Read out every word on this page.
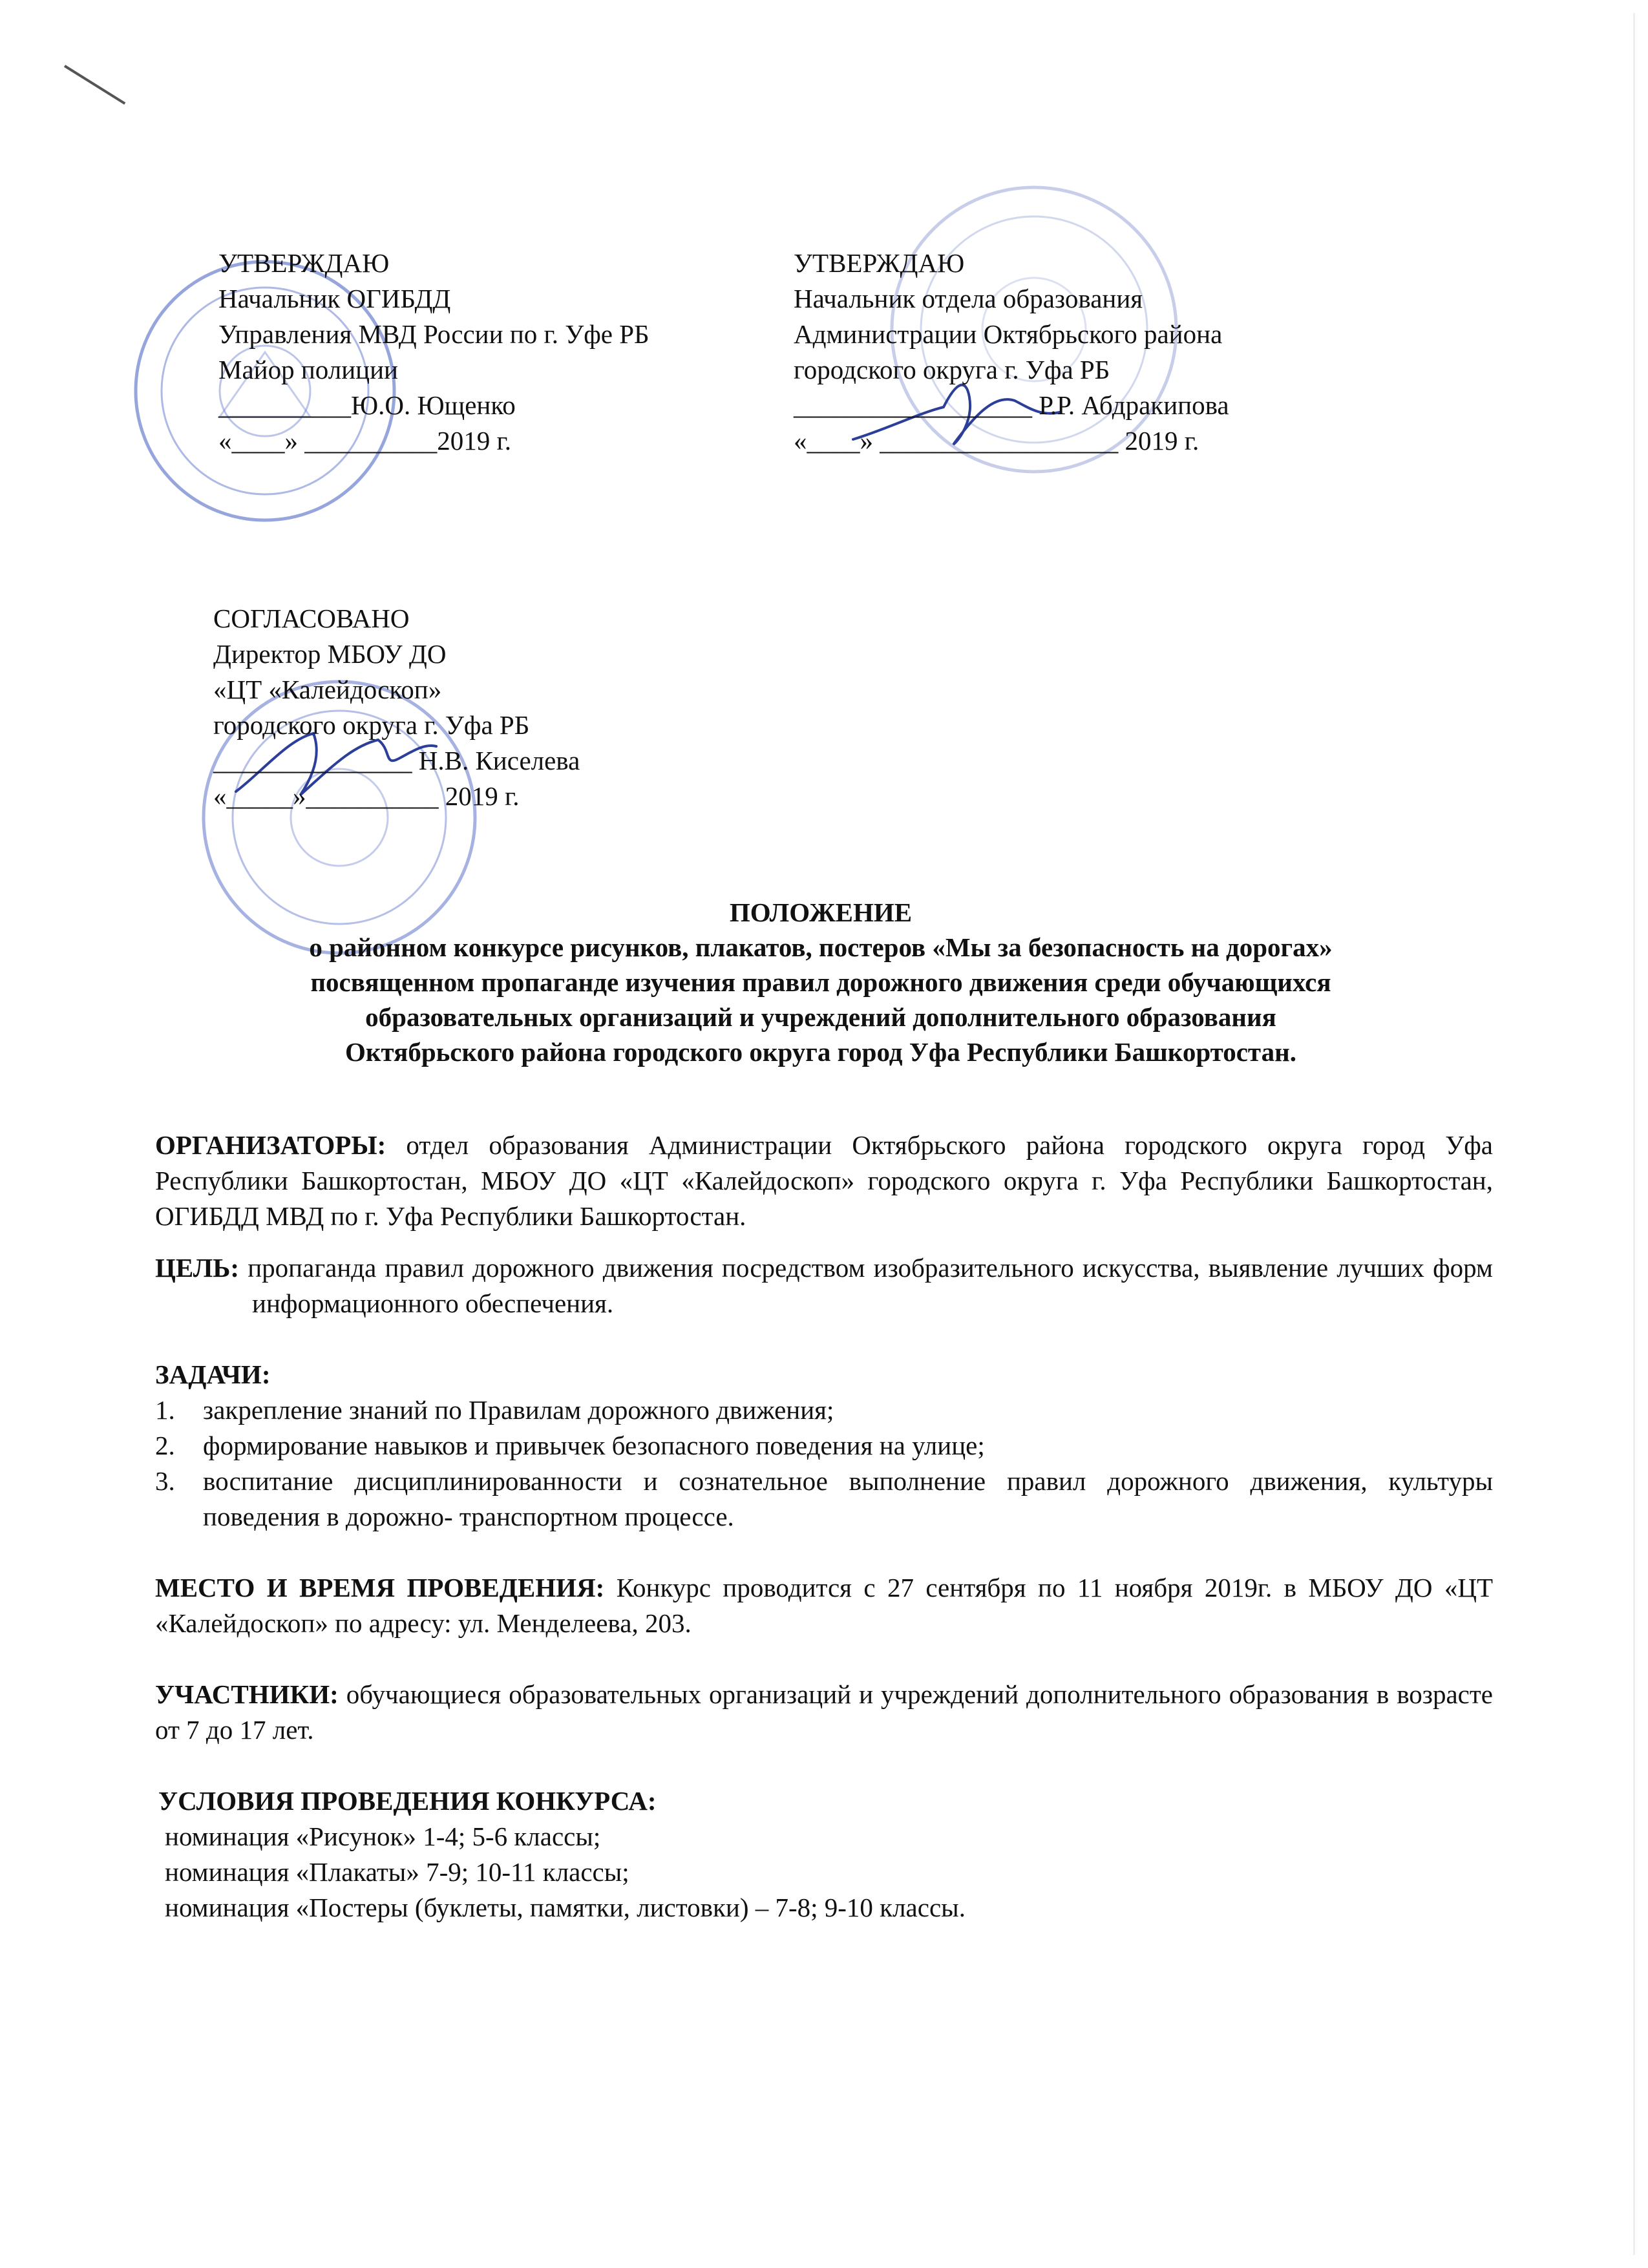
УТВЕРЖДАЮ
Начальник ОГИБДД
Управления МВД России по г. Уфе РБ
Майор полиции
__________Ю.О. Ющенко
«____» __________2019 г.
УТВЕРЖДАЮ
Начальник отдела образования
Администрации Октябрьского района
городского округа г. Уфа РБ
__________________ Р.Р. Абдракипова
«____» __________________ 2019 г.
СОГЛАСОВАНО
Директор МБОУ ДО
«ЦТ «Калейдоскоп»
городского округа г. Уфа РБ
_______________ Н.В. Киселева
«_____»__________ 2019 г.
ПОЛОЖЕНИЕ
о районном конкурсе рисунков, плакатов, постеров «Мы за безопасность на дорогах»
посвященном пропаганде изучения правил дорожного движения среди обучающихся
образовательных организаций и учреждений дополнительного образования
Октябрьского района городского округа город Уфа Республики Башкортостан.

ОРГАНИЗАТОРЫ: отдел образования Администрации Октябрьского района городского округа город Уфа Республики Башкортостан, МБОУ ДО «ЦТ «Калейдоскоп» городского округа г. Уфа Республики Башкортостан, ОГИБДД МВД по г. Уфа Республики Башкортостан.

ЦЕЛЬ: пропаганда правил дорожного движения посредством изобразительного искусства, выявление лучших форм информационного обеспечения.

ЗАДАЧИ:

1. закрепление знаний по Правилам дорожного движения;
2. формирование навыков и привычек безопасного поведения на улице;
3. воспитание дисциплинированности и сознательное выполнение правил дорожного движения, культуры поведения в дорожно- транспортном процессе.

МЕСТО И ВРЕМЯ ПРОВЕДЕНИЯ: Конкурс проводится с 27 сентября по 11 ноября 2019г. в МБОУ ДО «ЦТ «Калейдоскоп» по адресу: ул. Менделеева, 203.

УЧАСТНИКИ: обучающиеся образовательных организаций и учреждений дополнительного образования в возрасте от 7 до 17 лет.

УСЛОВИЯ ПРОВЕДЕНИЯ КОНКУРСА:

номинация «Рисунок» 1-4; 5-6 классы;
номинация «Плакаты» 7-9; 10-11 классы;
номинация «Постеры (буклеты, памятки, листовки) – 7-8; 9-10 классы.
